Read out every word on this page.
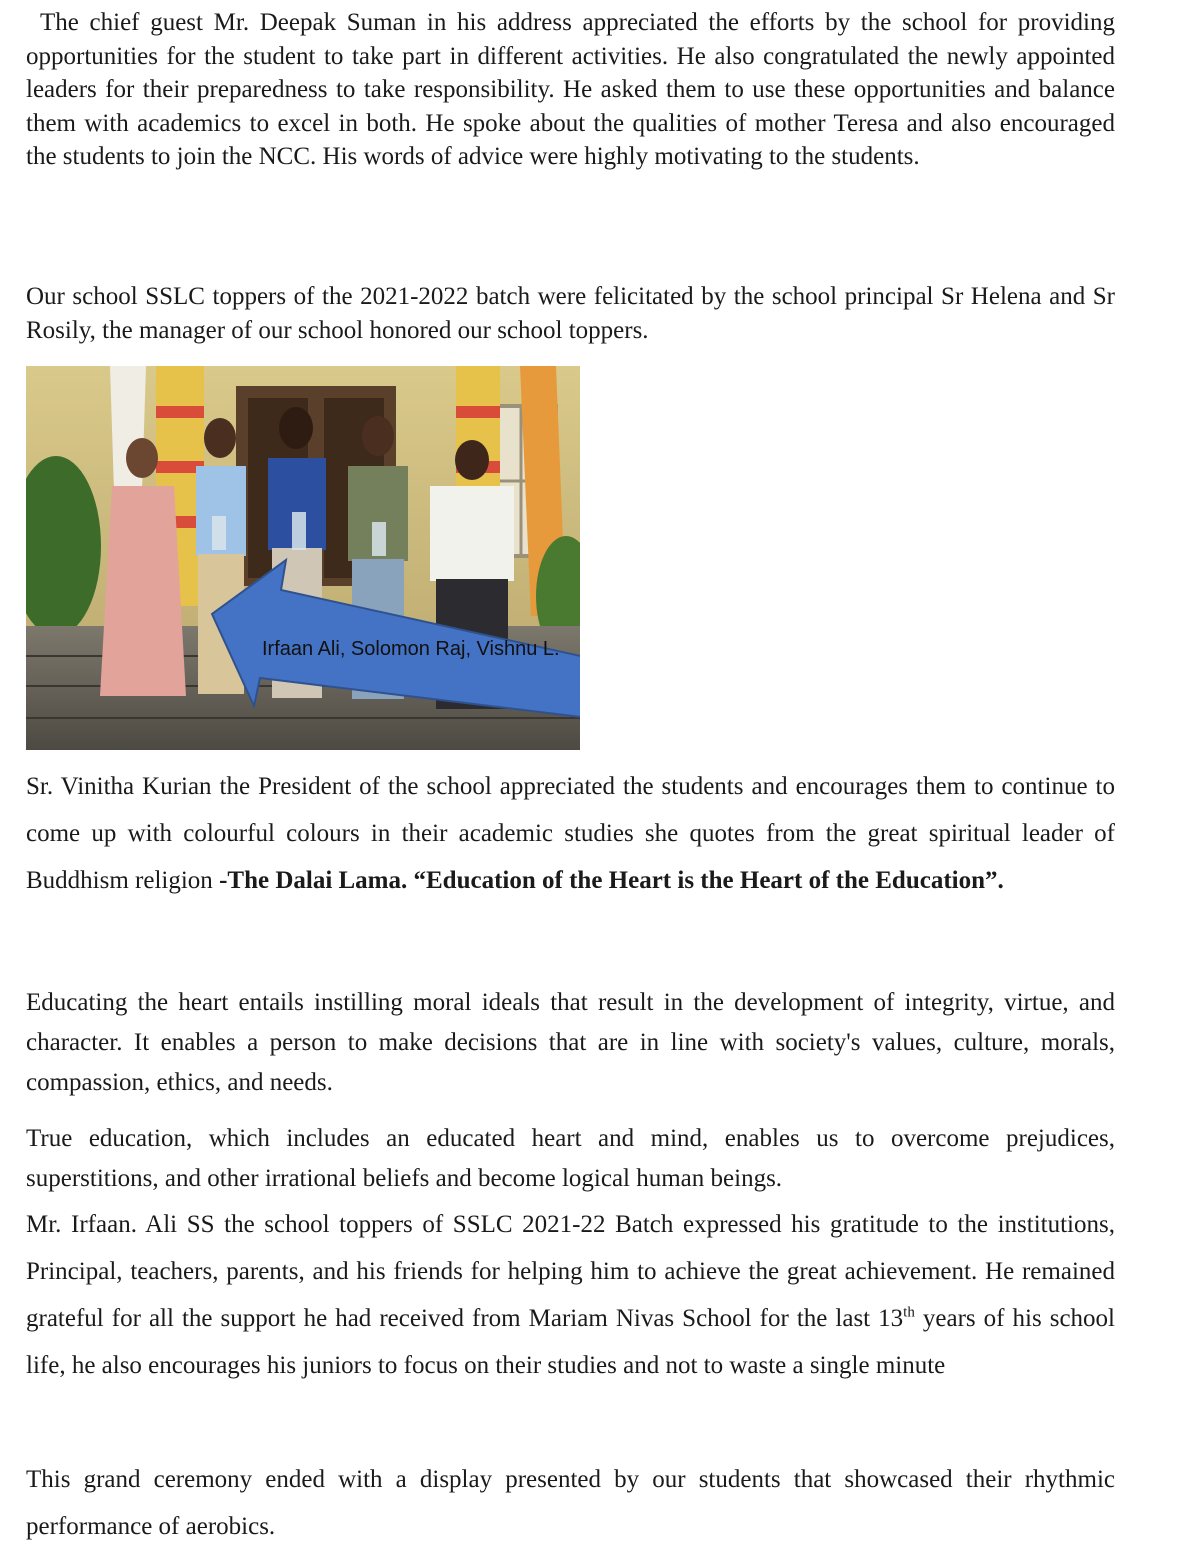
The chief guest Mr. Deepak Suman in his address appreciated the efforts by the school for providing opportunities for the student to take part in different activities. He also congratulated the newly appointed leaders for their preparedness to take responsibility. He asked them to use these opportunities and balance them with academics to excel in both. He spoke about the qualities of mother Teresa and also encouraged the students to join the NCC. His words of advice were highly motivating to the students.

Our school SSLC toppers of the 2021-2022 batch were felicitated by the school principal Sr Helena and Sr Rosily, the manager of our school honored our school toppers.

Irfaan Ali, Solomon Raj, Vishnu L.

Sr. Vinitha Kurian the President of the school appreciated the students and encourages them to continue to come up with colourful colours in their academic studies she quotes from the great spiritual leader of Buddhism religion -The Dalai Lama. “Education of the Heart is the Heart of the Education”.

Educating the heart entails instilling moral ideals that result in the development of integrity, virtue, and character. It enables a person to make decisions that are in line with society's values, culture, morals, compassion, ethics, and needs.

True education, which includes an educated heart and mind, enables us to overcome prejudices, superstitions, and other irrational beliefs and become logical human beings.

Mr. Irfaan. Ali SS the school toppers of SSLC 2021-22 Batch expressed his gratitude to the institutions, Principal, teachers, parents, and his friends for helping him to achieve the great achievement. He remained grateful for all the support he had received from Mariam Nivas School for the last 13th years of his school life, he also encourages his juniors to focus on their studies and not to waste a single minute

This grand ceremony ended with a display presented by our students that showcased their rhythmic performance of aerobics.
